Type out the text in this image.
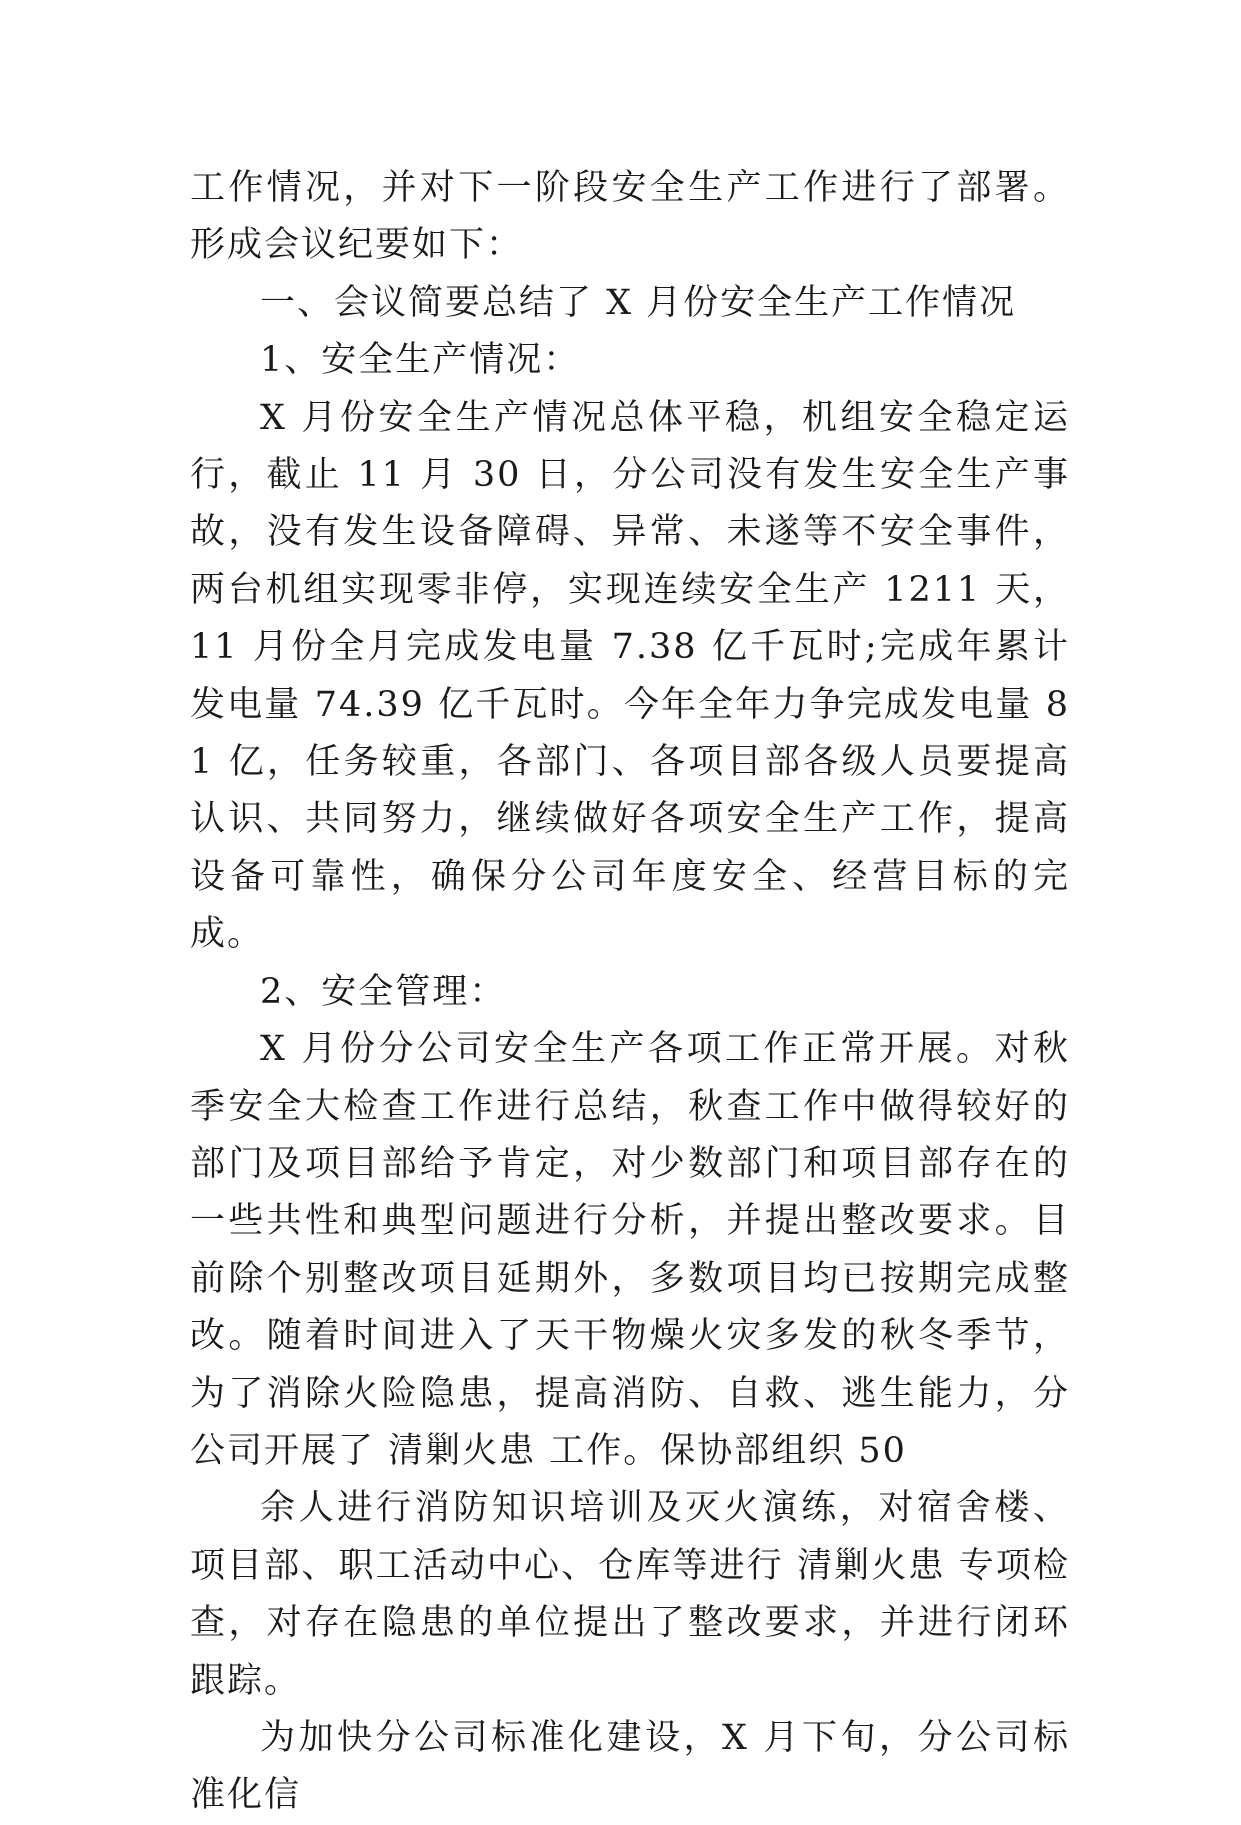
工作情况，并对下一阶段安全生产工作进行了部署。形成会议纪要如下：

一、会议简要总结了 X 月份安全生产工作情况

1、安全生产情况：

X 月份安全生产情况总体平稳，机组安全稳定运行，截止 11 月 30 日，分公司没有发生安全生产事故，没有发生设备障碍、异常、未遂等不安全事件，两台机组实现零非停，实现连续安全生产 1211 天，11 月份全月完成发电量 7.38 亿千瓦时;完成年累计发电量 74.39 亿千瓦时。今年全年力争完成发电量 81 亿，任务较重，各部门、各项目部各级人员要提高认识、共同努力，继续做好各项安全生产工作，提高设备可靠性，确保分公司年度安全、经营目标的完成。

2、安全管理：

X 月份分公司安全生产各项工作正常开展。对秋季安全大检查工作进行总结，秋查工作中做得较好的部门及项目部给予肯定，对少数部门和项目部存在的一些共性和典型问题进行分析，并提出整改要求。目前除个别整改项目延期外，多数项目均已按期完成整改。随着时间进入了天干物燥火灾多发的秋冬季节，为了消除火险隐患，提高消防、自救、逃生能力，分公司开展了 清剿火患 工作。保协部组织 50

余人进行消防知识培训及灭火演练，对宿舍楼、项目部、职工活动中心、仓库等进行 清剿火患 专项检查，对存在隐患的单位提出了整改要求，并进行闭环跟踪。

为加快分公司标准化建设，X 月下旬，分公司标准化信
